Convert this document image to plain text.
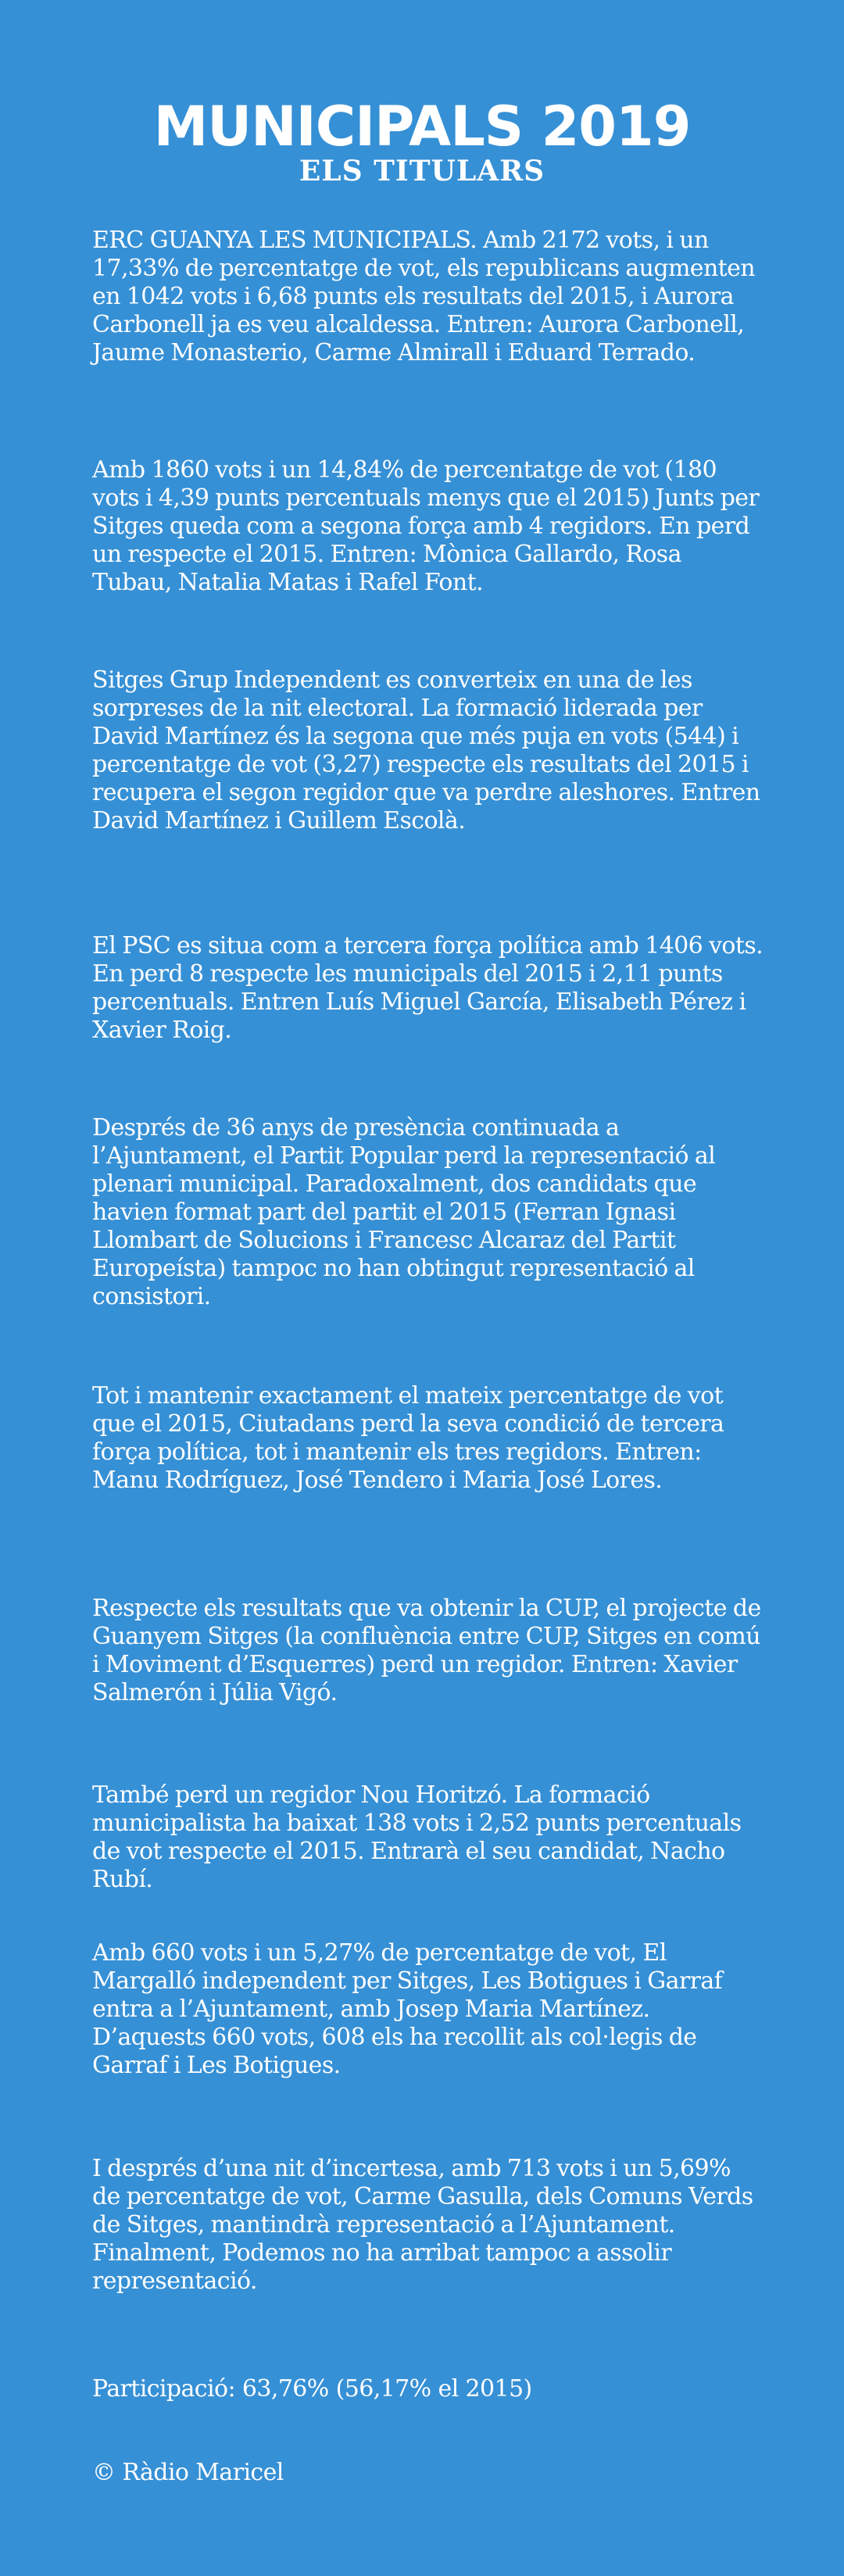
MUNICIPALS 2019
ELS TITULARS

ERC GUANYA LES MUNICIPALS. Amb 2172 vots, i un 17,33% de percentatge de vot, els republicans augmenten en 1042 vots i 6,68 punts els resultats del 2015, i Aurora Carbonell ja es veu alcaldessa. Entren: Aurora Carbonell, Jaume Monasterio, Carme Almirall i Eduard Terrado.

Amb 1860 vots i un 14,84% de percentatge de vot (180 vots i 4,39 punts percentuals menys que el 2015) Junts per Sitges queda com a segona força amb 4 regidors. En perd un respecte el 2015. Entren: Mònica Gallardo, Rosa Tubau, Natalia Matas i Rafel Font.

Sitges Grup Independent es converteix en una de les sorpreses de la nit electoral. La formació liderada per David Martínez és la segona que més puja en vots (544) i percentatge de vot (3,27) respecte els resultats del 2015 i recupera el segon regidor que va perdre aleshores. Entren David Martínez i Guillem Escolà.

El PSC es situa com a tercera força política amb 1406 vots. En perd 8 respecte les municipals del 2015 i 2,11 punts percentuals. Entren Luís Miguel García, Elisabeth Pérez i Xavier Roig.

Després de 36 anys de presència continuada a l’Ajuntament, el Partit Popular perd la representació al plenari municipal. Paradoxalment, dos candidats que havien format part del partit el 2015 (Ferran Ignasi Llombart de Solucions i Francesc Alcaraz del Partit Europeísta) tampoc no han obtingut representació al consistori.

Tot i mantenir exactament el mateix percentatge de vot que el 2015, Ciutadans perd la seva condició de tercera força política, tot i mantenir els tres regidors. Entren: Manu Rodríguez, José Tendero i Maria José Lores.

Respecte els resultats que va obtenir la CUP, el projecte de Guanyem Sitges (la confluència entre CUP, Sitges en comú i Moviment d’Esquerres) perd un regidor. Entren: Xavier Salmerón i Júlia Vigó.

També perd un regidor Nou Horitzó. La formació municipalista ha baixat 138 vots i 2,52 punts percentuals de vot respecte el 2015. Entrarà el seu candidat, Nacho Rubí.

Amb 660 vots i un 5,27% de percentatge de vot, El Margalló independent per Sitges, Les Botigues i Garraf entra a l’Ajuntament, amb Josep Maria Martínez. D’aquests 660 vots, 608 els ha recollit als col·legis de Garraf i Les Botigues.

I després d’una nit d’incertesa, amb 713 vots i un 5,69% de percentatge de vot, Carme Gasulla, dels Comuns Verds de Sitges, mantindrà representació a l’Ajuntament. Finalment, Podemos no ha arribat tampoc a assolir representació.

Participació: 63,76% (56,17% el 2015)

© Ràdio Maricel
